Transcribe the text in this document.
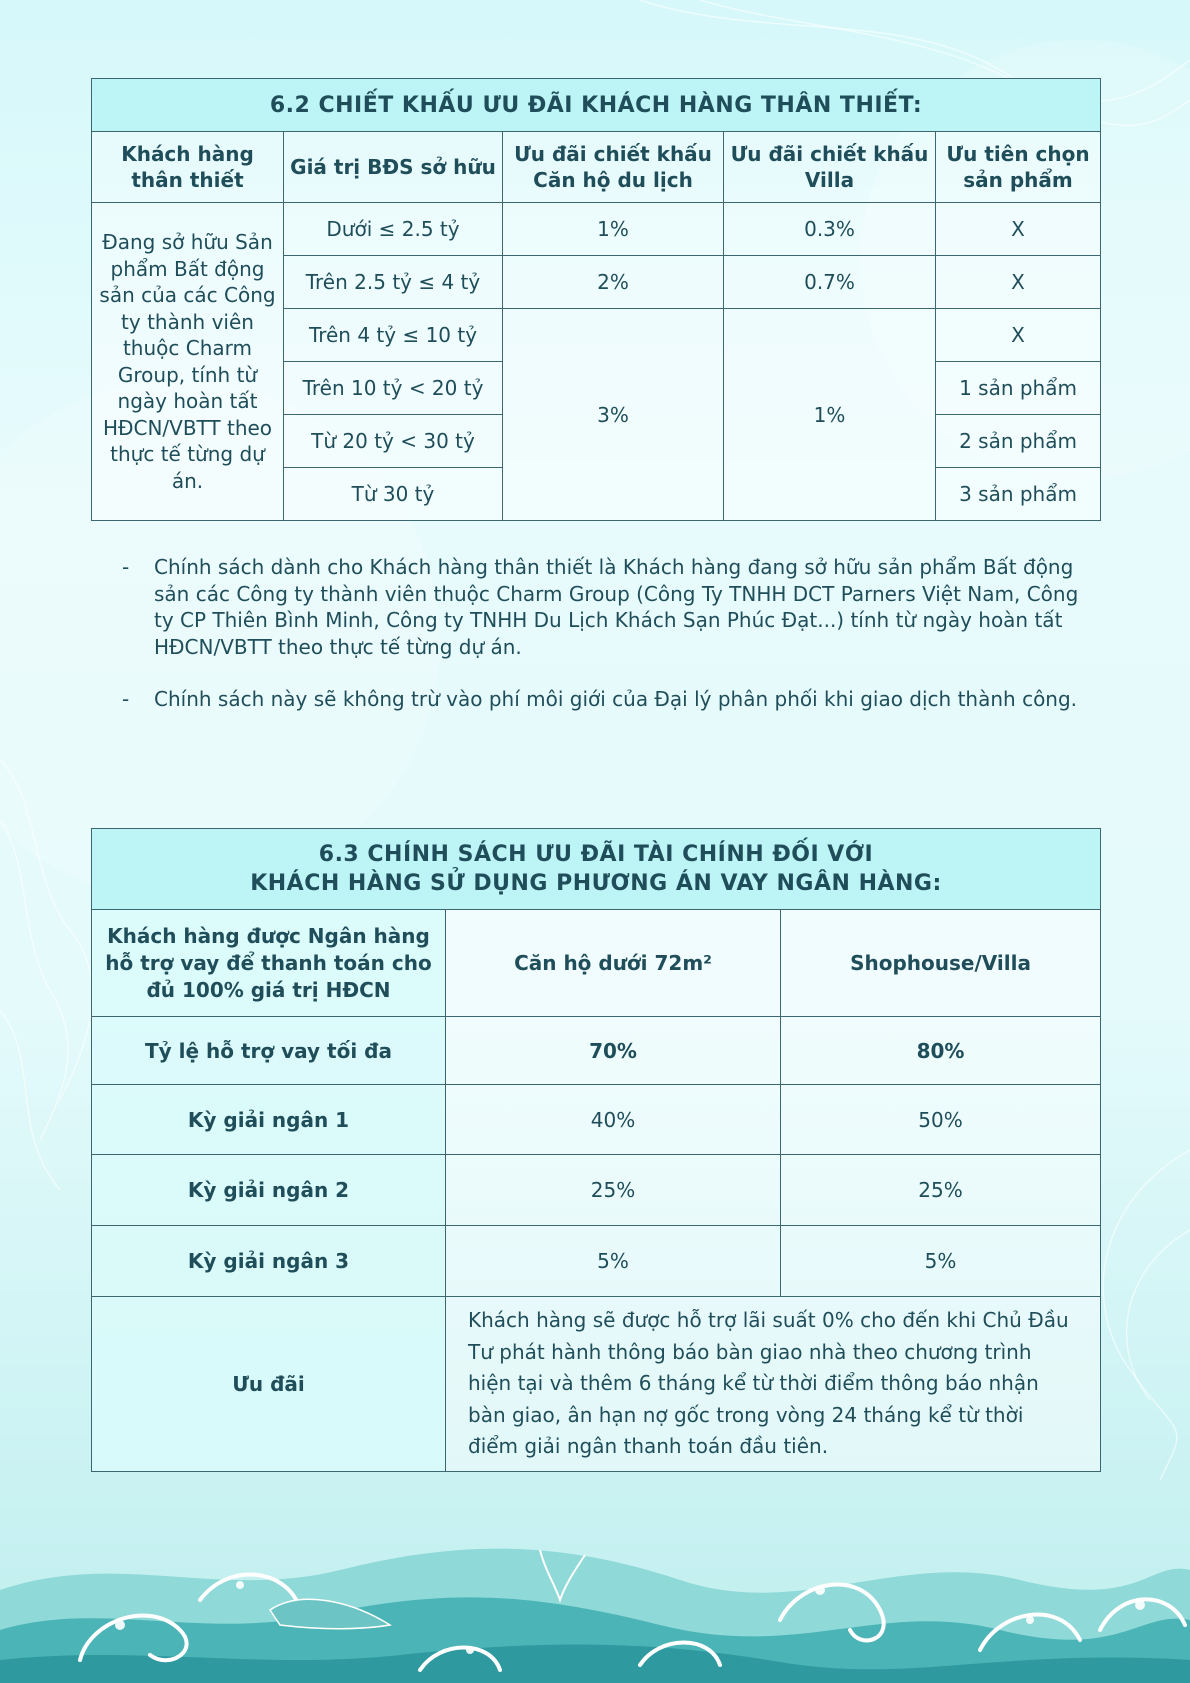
6.2 CHIẾT KHẤU ƯU ĐÃI KHÁCH HÀNG THÂN THIẾT:				
Khách hàng thân thiết	Giá trị BĐS sở hữu	Ưu đãi chiết khấu Căn hộ du lịch	Ưu đãi chiết khấu Villa	Ưu tiên chọn sản phẩm
Đang sở hữu Sản phẩm Bất động sản của các Công ty thành viên thuộc Charm Group, tính từ ngày hoàn tất HĐCN/VBTT theo thực tế từng dự án.	Dưới ≤ 2.5 tỷ	1%	0.3%	X
	Trên 2.5 tỷ ≤ 4 tỷ	2%	0.7%	X
	Trên 4 tỷ ≤ 10 tỷ	3%	1%	X
	Trên 10 tỷ < 20 tỷ			1 sản phẩm
	Từ 20 tỷ < 30 tỷ			2 sản phẩm
	Từ 30 tỷ			3 sản phẩm
-	Chính sách dành cho Khách hàng thân thiết là Khách hàng đang sở hữu sản phẩm Bất động sản các Công ty thành viên thuộc Charm Group (Công Ty TNHH DCT Parners Việt Nam, Công ty CP Thiên Bình Minh, Công ty TNHH Du Lịch Khách Sạn Phúc Đạt...) tính từ ngày hoàn tất HĐCN/VBTT theo thực tế từng dự án.
-	Chính sách này sẽ không trừ vào phí môi giới của Đại lý phân phối khi giao dịch thành công.
6.3 CHÍNH SÁCH ƯU ĐÃI TÀI CHÍNH ĐỐI VỚI
KHÁCH HÀNG SỬ DỤNG PHƯƠNG ÁN VAY NGÂN HÀNG:		

Khách hàng được Ngân hàng hỗ trợ vay để thanh toán cho đủ 100% giá trị HĐCN	Căn hộ dưới 72m²	Shophouse/Villa
Tỷ lệ hỗ trợ vay tối đa	70%	80%
Kỳ giải ngân 1	40%	50%
Kỳ giải ngân 2	25%	25%
Kỳ giải ngân 3	5%	5%
Ưu đãi	Khách hàng sẽ được hỗ trợ lãi suất 0% cho đến khi Chủ Đầu Tư phát hành thông báo bàn giao nhà theo chương trình hiện tại và thêm 6 tháng kể từ thời điểm thông báo nhận bàn giao, ân hạn nợ gốc trong vòng 24 tháng kể từ thời điểm giải ngân thanh toán đầu tiên.	
